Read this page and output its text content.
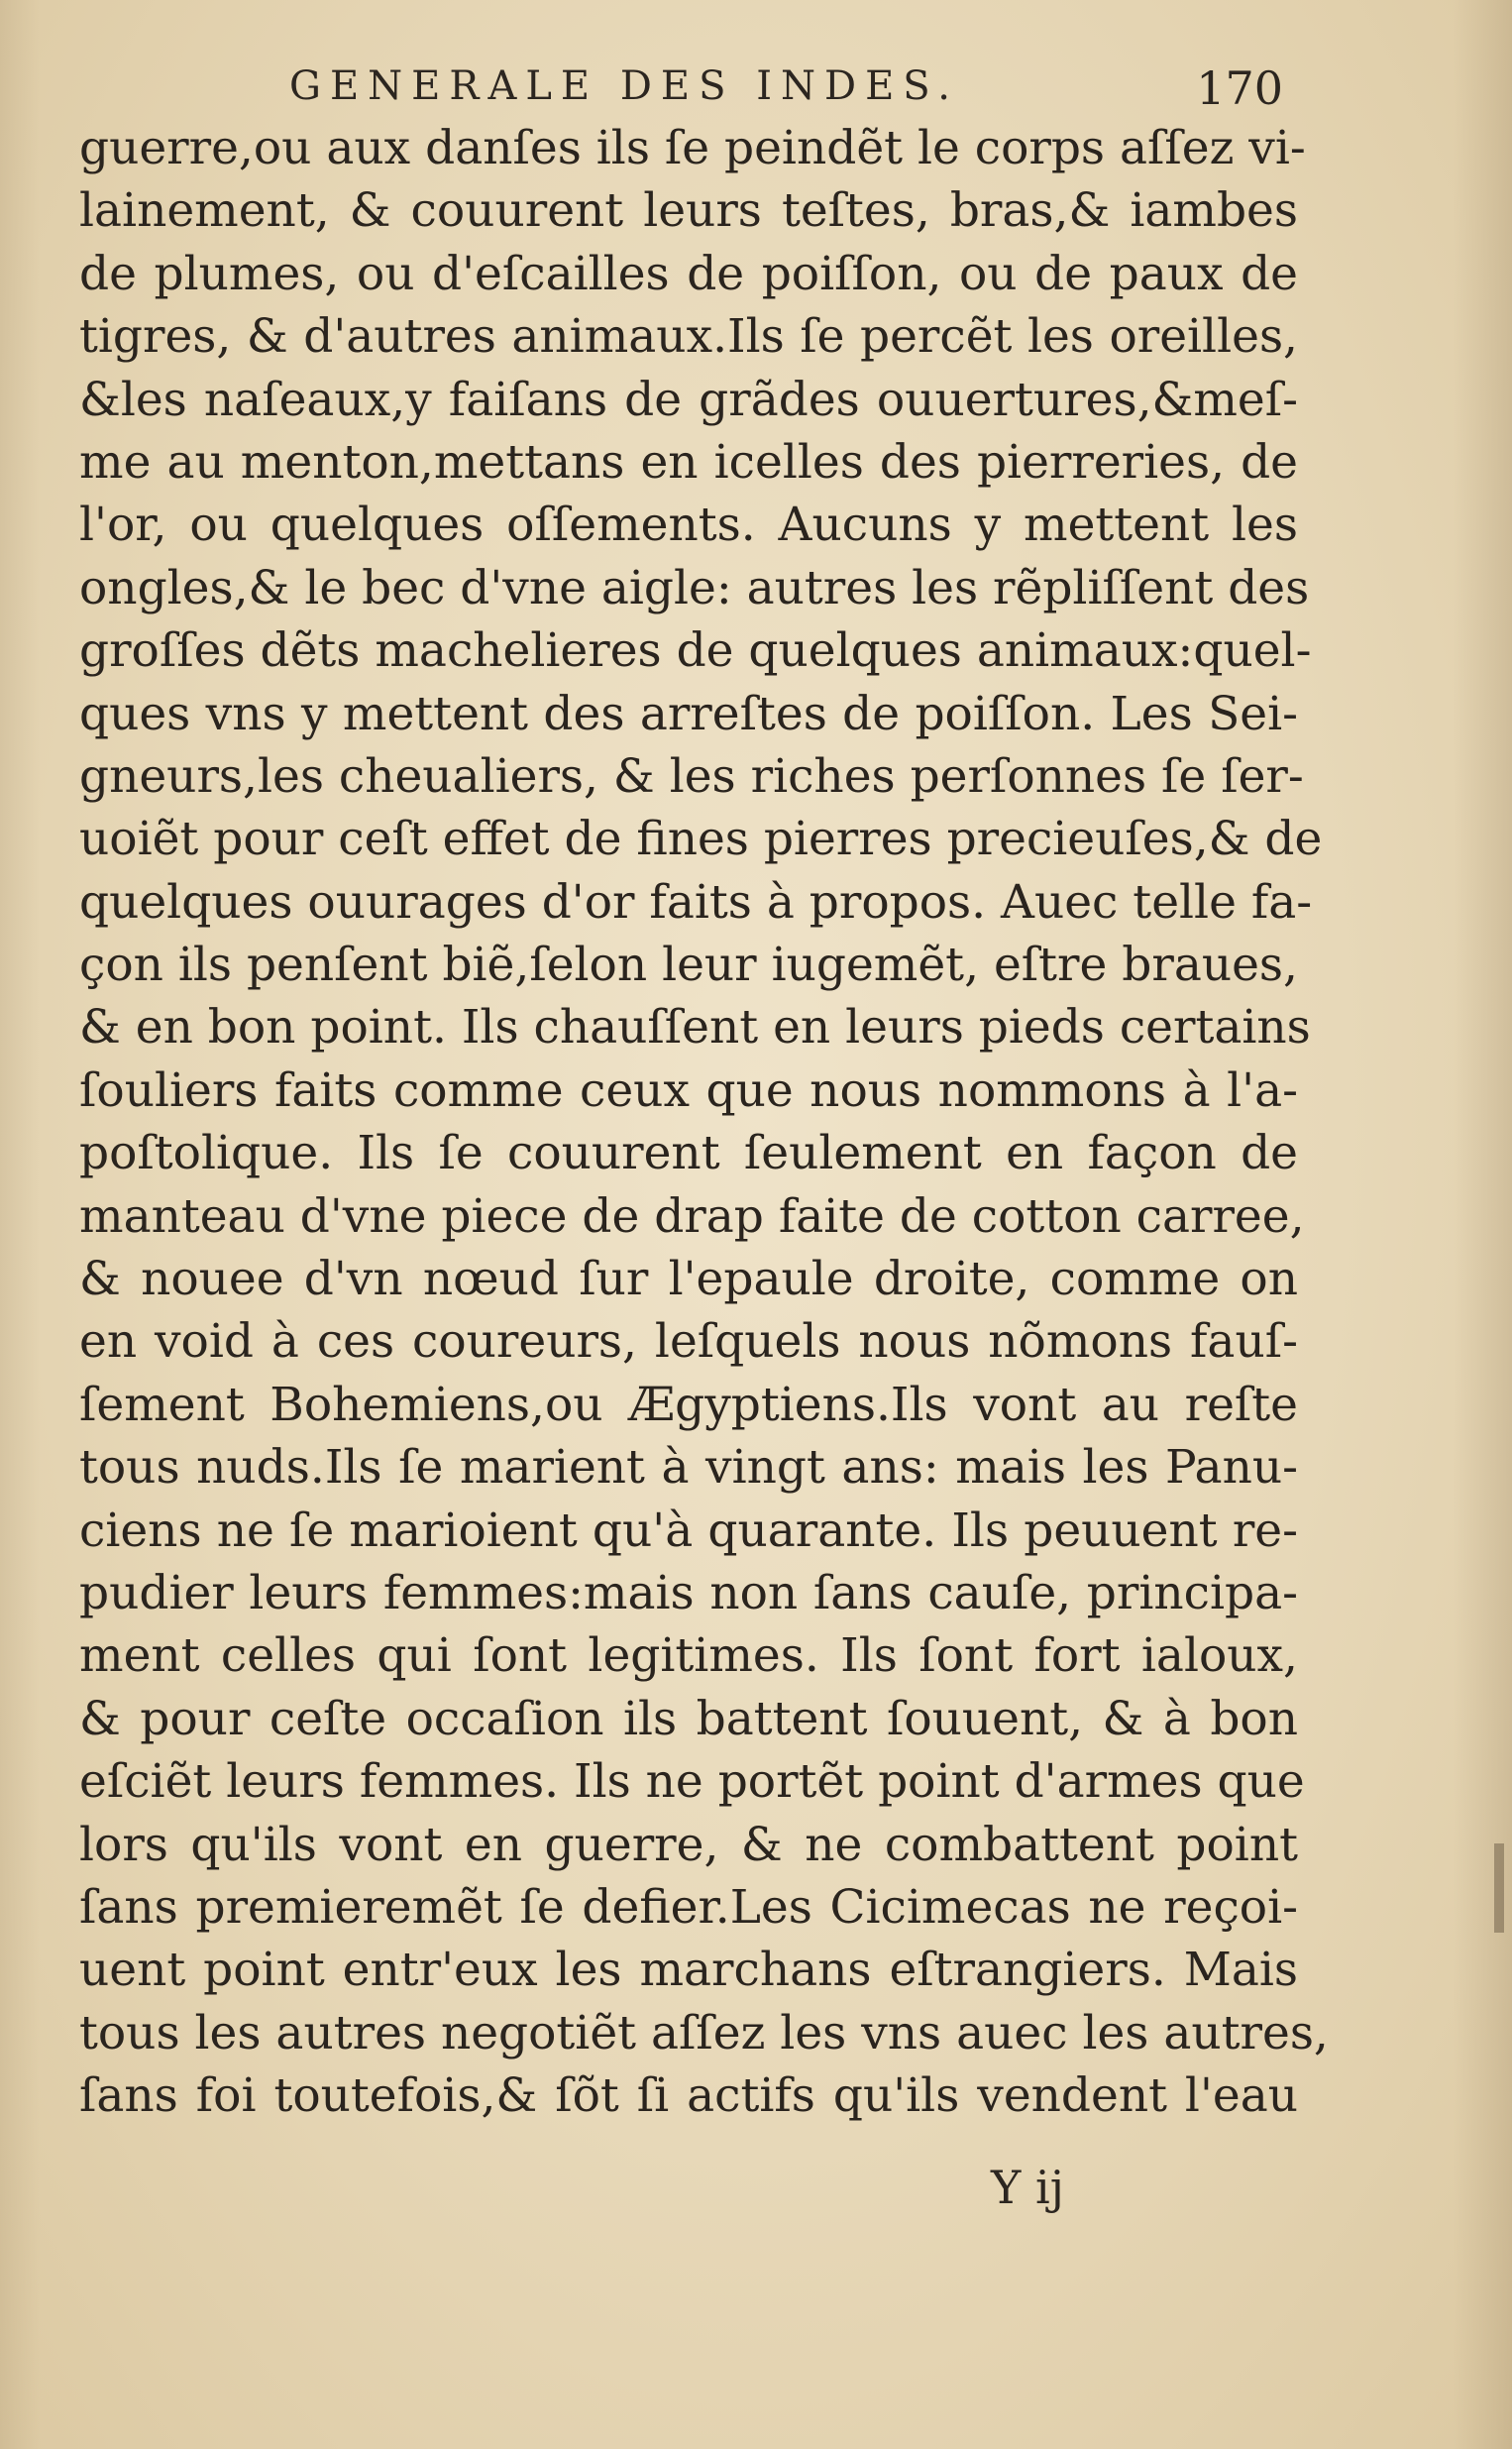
GENERALE DES INDES.	170
guerre,ou aux danſes ils ſe peindẽt le corps aſſez vi-
lainement, & couurent leurs teſtes, bras,& iambes
de plumes, ou d'eſcailles de poiſſon, ou de paux de
tigres, & d'autres animaux.Ils ſe percẽt les oreilles,
&les naſeaux,y faiſans de grãdes ouuertures,&meſ-
me au menton,mettans en icelles des pierreries, de
l'or, ou quelques oſſements. Aucuns y mettent les
ongles,& le bec d'vne aigle: autres les rẽpliſſent des
groſſes dẽts machelieres de quelques animaux:quel-
ques vns y mettent des arreſtes de poiſſon. Les Sei-
gneurs,les cheualiers, & les riches perſonnes ſe ſer-
uoiẽt pour ceſt effet de fines pierres precieuſes,& de
quelques ouurages d'or faits à propos. Auec telle fa-
çon ils penſent biẽ,ſelon leur iugemẽt, eſtre braues,
& en bon point. Ils chauſſent en leurs pieds certains
ſouliers faits comme ceux que nous nommons à l'a-
poſtolique. Ils ſe couurent ſeulement en façon de
manteau d'vne piece de drap faite de cotton carree,
& nouee d'vn nœud ſur l'epaule droite, comme on
en void à ces coureurs, leſquels nous nõmons fauſ-
ſement Bohemiens,ou Ægyptiens.Ils vont au reſte
tous nuds.Ils ſe marient à vingt ans: mais les Panu-
ciens ne ſe marioient qu'à quarante. Ils peuuent re-
pudier leurs femmes:mais non ſans cauſe, principa-
ment celles qui ſont legitimes. Ils ſont fort ialoux,
& pour ceſte occaſion ils battent ſouuent, & à bon
eſciẽt leurs femmes. Ils ne portẽt point d'armes que
lors qu'ils vont en guerre, & ne combattent point
ſans premieremẽt ſe defier.Les Cicimecas ne reçoi-
uent point entr'eux les marchans eſtrangiers. Mais
tous les autres negotiẽt aſſez les vns auec les autres,
ſans foi toutefois,& ſõt ſi actifs qu'ils vendent l'eau
Y ij
